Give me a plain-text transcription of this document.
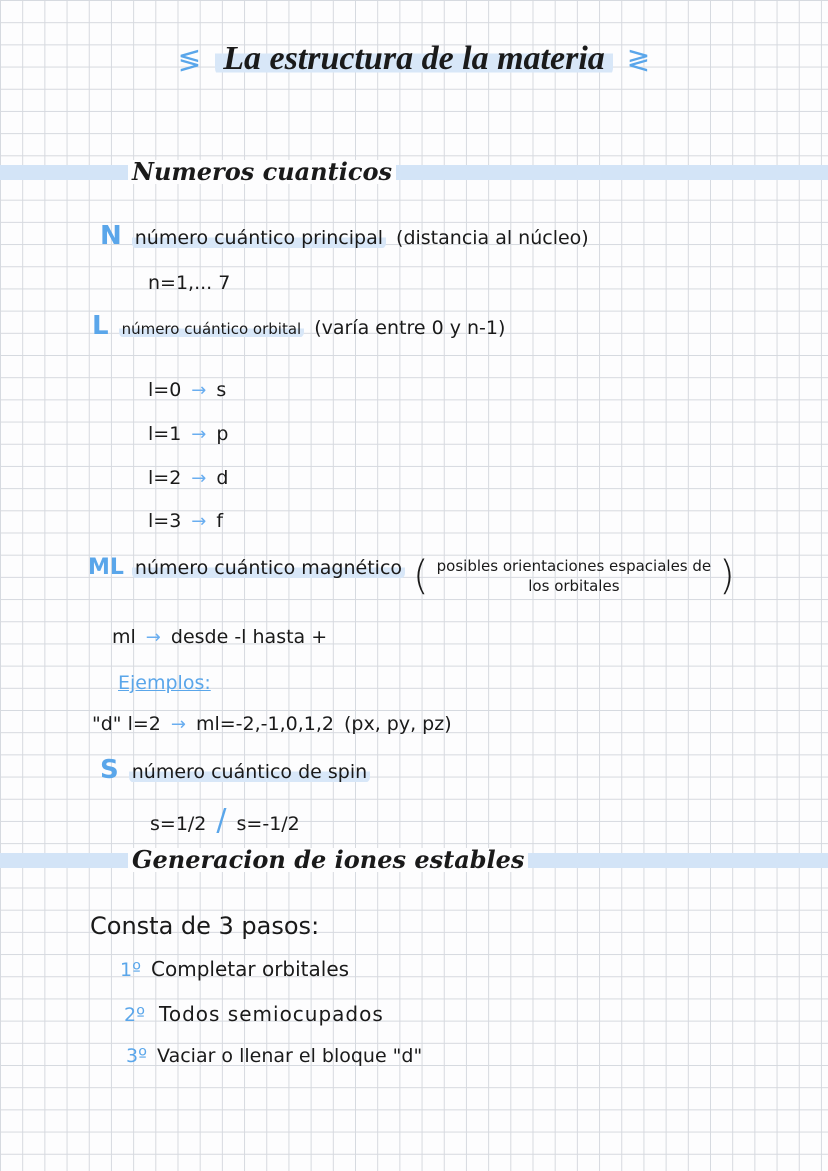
≶ La estructura de la materia ≷
Numeros cuanticos
N número cuántico principal (distancia al núcleo)
n=1,... 7
L número cuántico orbital (varía entre 0 y n-1)
l=0 → s
l=1 → p
l=2 → d
l=3 → f
ML número cuántico magnético ( posibles orientaciones espaciales de
los orbitales )
ml → desde -l hasta +
Ejemplos:
"d" l=2 → ml=-2,-1,0,1,2 (px, py, pz)
S número cuántico de spin
s=1/2 / s=-1/2
Generacion de iones estables
Consta de 3 pasos:
1º Completar orbitales
2º Todos semiocupados
3º Vaciar o llenar el bloque "d"
